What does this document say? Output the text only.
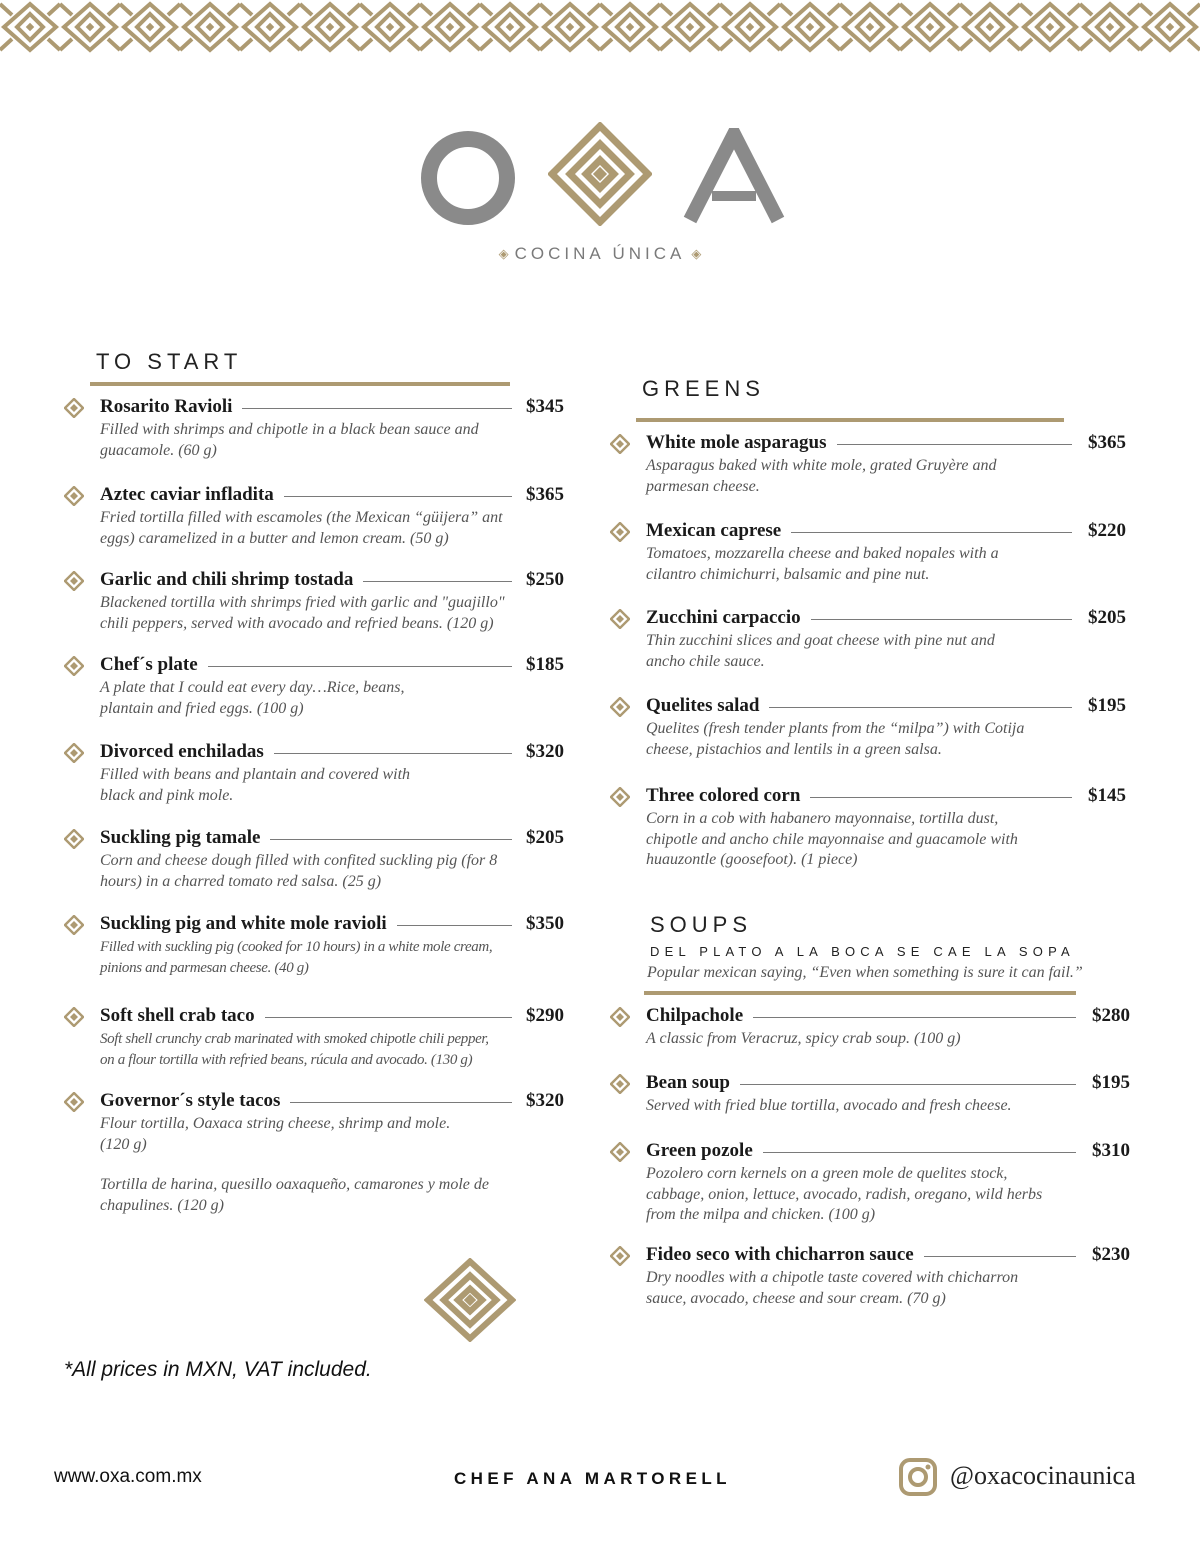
◈ COCINA ÚNICA ◈
TO START
GREENS
SOUPS
DEL PLATO A LA BOCA SE CAE LA SOPA
Popular mexican saying, “Even when something is sure it can fail.”
Rosarito Ravioli	$345
Filled with shrimps and chipotle in a black bean sauce and
guacamole. (60 g)
Aztec caviar infladita	$365
Fried tortilla filled with escamoles (the Mexican “güijera” ant
eggs) caramelized in a butter and lemon cream. (50 g)
Garlic and chili shrimp tostada	$250
Blackened tortilla with shrimps fried with garlic and "guajillo"
chili peppers, served with avocado and refried beans. (120 g)
Chef´s plate	$185
A plate that I could eat every day…Rice, beans,
plantain and fried eggs. (100 g)
Divorced enchiladas	$320
Filled with beans and plantain and covered with
black and pink mole.
Suckling pig tamale	$205
Corn and cheese dough filled with confited suckling pig (for 8
hours) in a charred tomato red salsa. (25 g)
Suckling pig and white mole ravioli	$350
Filled with suckling pig (cooked for 10 hours) in a white mole cream,
pinions and parmesan cheese. (40 g)
Soft shell crab taco	$290
Soft shell crunchy crab marinated with smoked chipotle chili pepper,
on a flour tortilla with refried beans, rúcula and avocado. (130 g)
Governor´s style tacos	$320
Flour tortilla, Oaxaca string cheese, shrimp and mole.
(120 g)
White mole asparagus	$365
Asparagus baked with white mole, grated Gruyère and
parmesan cheese.
Mexican caprese	$220
Tomatoes, mozzarella cheese and baked nopales with a
cilantro chimichurri, balsamic and pine nut.
Zucchini carpaccio	$205
Thin zucchini slices and goat cheese with pine nut and
ancho chile sauce.
Quelites salad	$195
Quelites (fresh tender plants from the “milpa”) with Cotija
cheese, pistachios and lentils in a green salsa.
Three colored corn	$145
Corn in a cob with habanero mayonnaise, tortilla dust,
chipotle and ancho chile mayonnaise and guacamole with
huauzontle (goosefoot). (1 piece)
Chilpachole	$280
A classic from Veracruz, spicy crab soup. (100 g)
Bean soup	$195
Served with fried blue tortilla, avocado and fresh cheese.
Green pozole	$310
Pozolero corn kernels on a green mole de quelites stock,
cabbage, onion, lettuce, avocado, radish, oregano, wild herbs
from the milpa and chicken. (100 g)
Fideo seco with chicharron sauce	$230
Dry noodles with a chipotle taste covered with chicharron
sauce, avocado, cheese and sour cream. (70 g)
Tortilla de harina, quesillo oaxaqueño, camarones y mole de chapulines. (120 g)
*All prices in MXN, VAT included.
www.oxa.com.mx	CHEF ANA MARTORELL	@oxacocinaunica
